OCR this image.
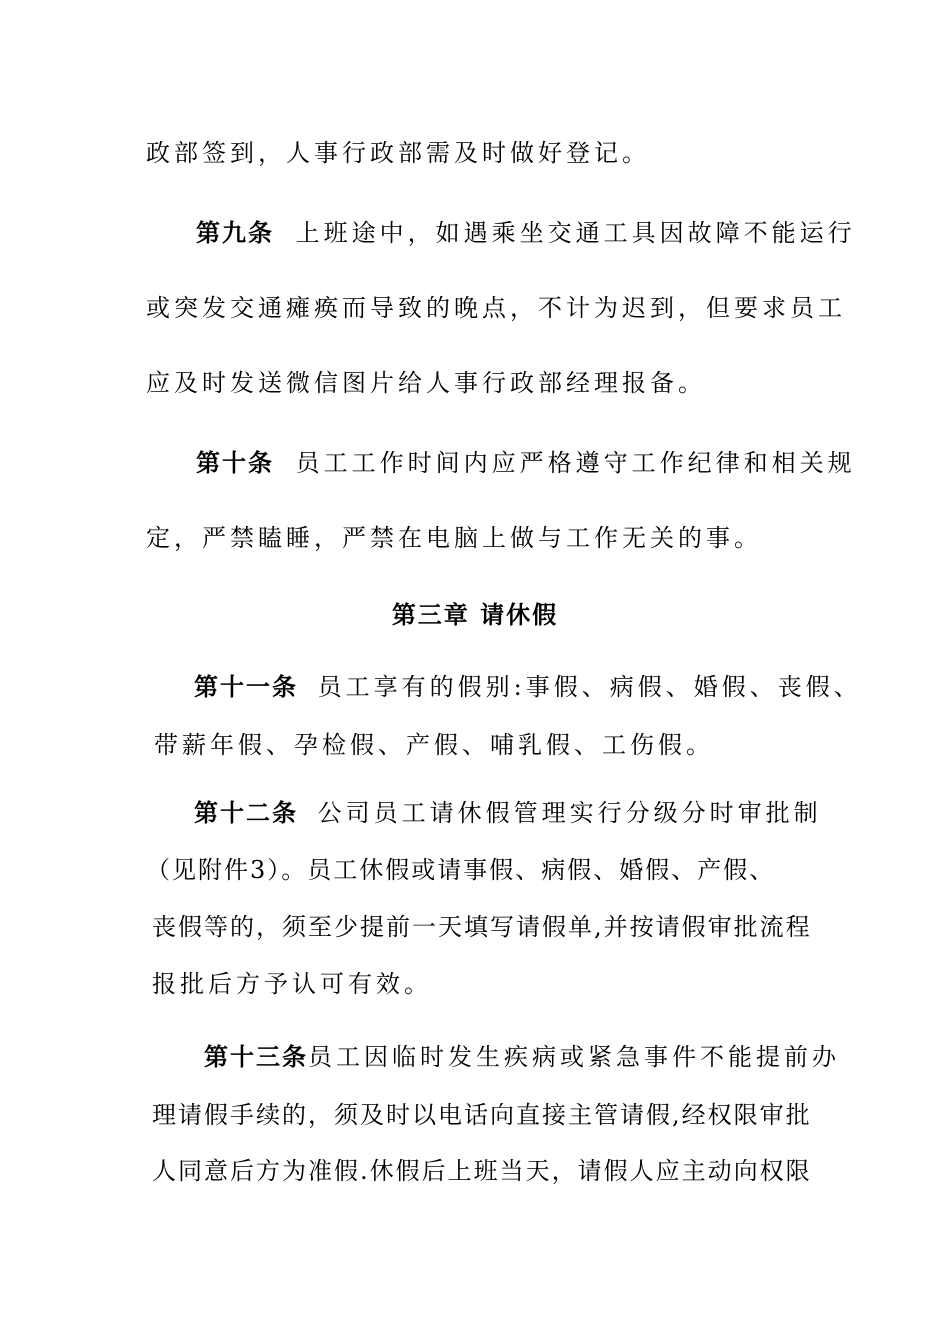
政部签到，人事行政部需及时做好登记。
第九条 上班途中，如遇乘坐交通工具因故障不能运行
或突发交通瘫痪而导致的晚点，不计为迟到，但要求员工
应及时发送微信图片给人事行政部经理报备。
第十条 员工工作时间内应严格遵守工作纪律和相关规
定，严禁瞌睡，严禁在电脑上做与工作无关的事。
第三章 请休假
第十一条 员工享有的假别:事假、病假、婚假、丧假、
带薪年假、孕检假、产假、哺乳假、工伤假。
第十二条 公司员工请休假管理实行分级分时审批制
（见附件3）。员工休假或请事假、病假、婚假、产假、
丧假等的，须至少提前一天填写请假单,并按请假审批流程
报批后方予认可有效。
第十三条员工因临时发生疾病或紧急事件不能提前办
理请假手续的，须及时以电话向直接主管请假,经权限审批
人同意后方为准假.休假后上班当天，请假人应主动向权限
